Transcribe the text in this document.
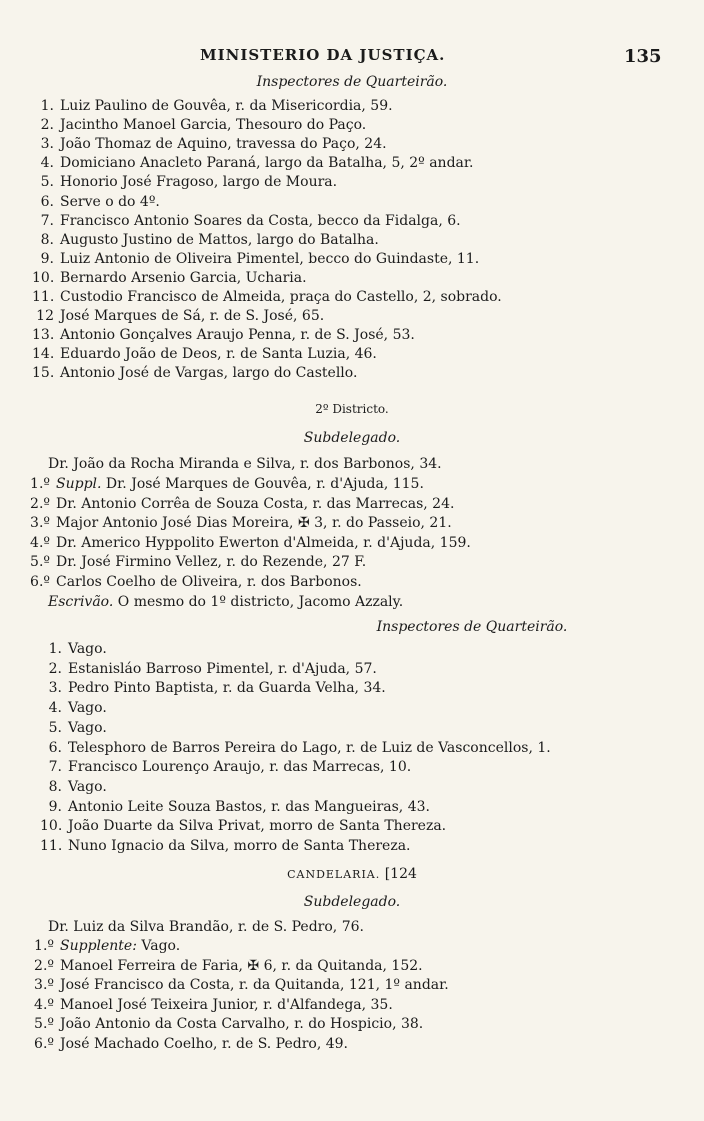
MINISTERIO DA JUSTIÇA.	135
Inspectores de Quarteirão.
1. Luiz Paulino de Gouvêa, r. da Misericordia, 59.
2. Jacintho Manoel Garcia, Thesouro do Paço.
3. João Thomaz de Aquino, travessa do Paço, 24.
4. Domiciano Anacleto Paraná, largo da Batalha, 5, 2º andar.
5. Honorio José Fragoso, largo de Moura.
6. Serve o do 4º.
7. Francisco Antonio Soares da Costa, becco da Fidalga, 6.
8. Augusto Justino de Mattos, largo do Batalha.
9. Luiz Antonio de Oliveira Pimentel, becco do Guindaste, 11.
10. Bernardo Arsenio Garcia, Ucharia.
11. Custodio Francisco de Almeida, praça do Castello, 2, sobrado.
12 José Marques de Sá, r. de S. José, 65.
13. Antonio Gonçalves Araujo Penna, r. de S. José, 53.
14. Eduardo João de Deos, r. de Santa Luzia, 46.
15. Antonio José de Vargas, largo do Castello.
2º Districto.
Subdelegado.
Dr. João da Rocha Miranda e Silva, r. dos Barbonos, 34.
1.º Suppl. Dr. José Marques de Gouvêa, r. d'Ajuda, 115.
2.º Dr. Antonio Corrêa de Souza Costa, r. das Marrecas, 24.
3.º Major Antonio José Dias Moreira, ✠ 3, r. do Passeio, 21.
4.º Dr. Americo Hyppolito Ewerton d'Almeida, r. d'Ajuda, 159.
5.º Dr. José Firmino Vellez, r. do Rezende, 27 F.
6.º Carlos Coelho de Oliveira, r. dos Barbonos.
Escrivão. O mesmo do 1º districto, Jacomo Azzaly.
Inspectores de Quarteirão.
1. Vago.
2. Estanisláo Barroso Pimentel, r. d'Ajuda, 57.
3. Pedro Pinto Baptista, r. da Guarda Velha, 34.
4. Vago.
5. Vago.
6. Telesphoro de Barros Pereira do Lago, r. de Luiz de Vasconcellos, 1.
7. Francisco Lourenço Araujo, r. das Marrecas, 10.
8. Vago.
9. Antonio Leite Souza Bastos, r. das Mangueiras, 43.
10. João Duarte da Silva Privat, morro de Santa Thereza.
11. Nuno Ignacio da Silva, morro de Santa Thereza.
CANDELARIA. [124
Subdelegado.
Dr. Luiz da Silva Brandão, r. de S. Pedro, 76.
1.º Supplente: Vago.
2.º Manoel Ferreira de Faria, ✠ 6, r. da Quitanda, 152.
3.º José Francisco da Costa, r. da Quitanda, 121, 1º andar.
4.º Manoel José Teixeira Junior, r. d'Alfandega, 35.
5.º João Antonio da Costa Carvalho, r. do Hospicio, 38.
6.º José Machado Coelho, r. de S. Pedro, 49.
